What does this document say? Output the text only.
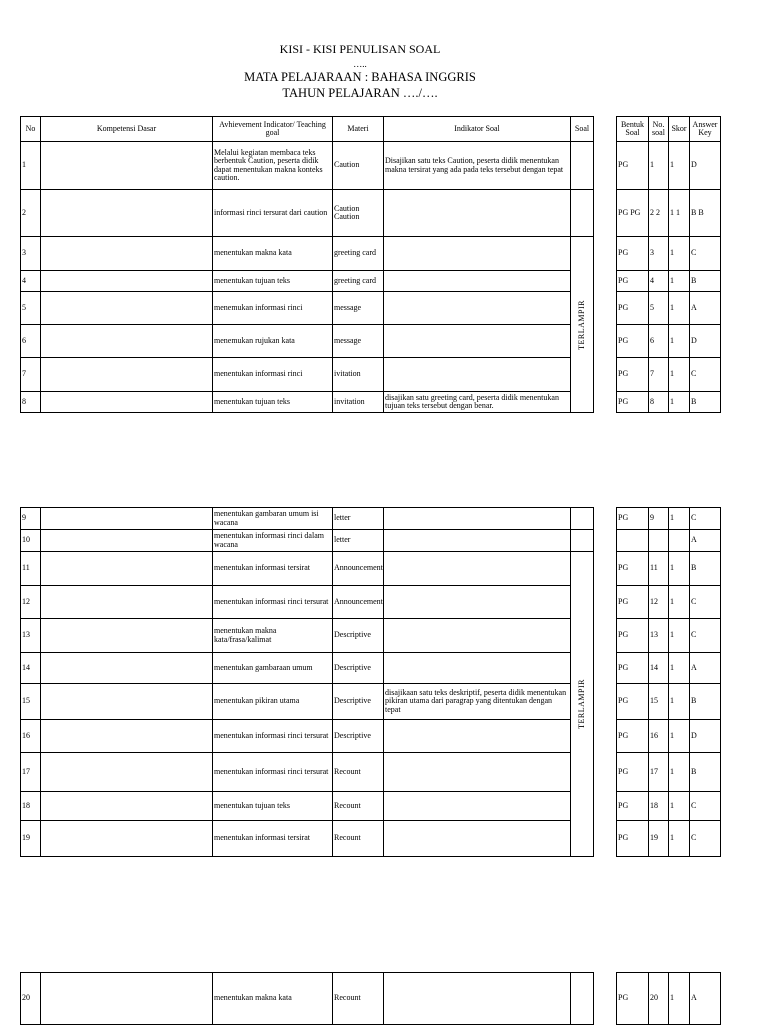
KISI - KISI PENULISAN SOAL
…..
MATA PELAJARAAN : BAHASA INGGRIS
TAHUN PELAJARAN …./….
No	Kompetensi Dasar	Avhievement Indicator/ Teaching goal	Materi	Indikator Soal	Soal		Bentuk Soal	No. soal	Skor	Answer Key
1		Melalui kegiatan membaca teks berbentuk Caution, peserta didik dapat menentukan makna konteks caution.	Caution	Disajikan satu teks Caution, peserta didik menentukan makna tersirat yang ada pada teks tersebut dengan tepat			PG	1	1	D
2		informasi rinci tersurat dari caution	Caution Caution				PG PG	2 2	1 1	B B
3		menentukan makna kata	greeting card		TERLAMPIR		PG	3	1	C
4		menentukan tujuan teks	greeting card				PG	4	1	B
5		menemukan informasi rinci	message				PG	5	1	A
6		menemukan rujukan kata	message				PG	6	1	D
7		menentukan informasi rinci	ivitation				PG	7	1	C
8		menentukan tujuan teks	invitation	disajikan satu greeting card, peserta didik menentukan tujuan teks tersebut dengan benar.			PG	8	1	B
9		menentukan gambaran umum isi wacana	letter				PG	9	1	C
10		menentukan informasi rinci dalam wacana	letter							A
11		menentukan informasi tersirat	Announcement		TERLAMPIR		PG	11	1	B
12		menentukan informasi rinci tersurat	Announcement				PG	12	1	C
13		menentukan makna kata/frasa/kalimat	Descriptive				PG	13	1	C
14		menentukan gambaraan umum	Descriptive				PG	14	1	A
15		menentukan pikiran utama	Descriptive	disajikaan satu teks deskriptif, peserta didik menentukan pikiran utama dari paragrap yang ditentukan dengan tepat			PG	15	1	B
16		menentukan informasi rinci tersurat	Descriptive				PG	16	1	D
17		menentukan informasi rinci tersurat	Recount				PG	17	1	B
18		menentukan tujuan teks	Recount				PG	18	1	C
19		menentukan informasi tersirat	Recount				PG	19	1	C
20		menentukan makna kata	Recount				PG	20	1	A
